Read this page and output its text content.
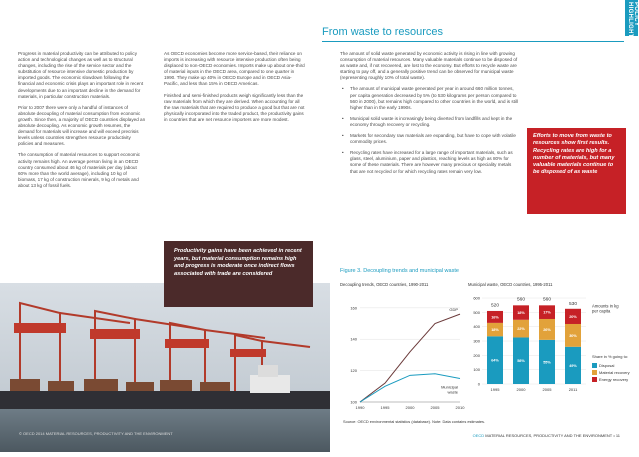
POLICY HIGHLIGHTS
From waste to resources

Progress in material productivity can be attributed to policy action and technological changes as well as to structural changes, including the rise of the service sector and the substitution of resource intensive domestic production by imported goods. The economic slowdown following the financial and economic crisis plays an important role in recent developments due to an important decline in the demand for materials, in particular construction materials.

Prior to 2007 there were only a handful of instances of absolute decoupling of material consumption from economic growth. Since then, a majority of OECD countries displayed an absolute decoupling. As economic growth resumes, the demand for materials will increase and will exceed precrisis levels unless countries strengthen resource productivity policies and measures.

The consumption of material resources to support economic activity remains high. An average person living in an OECD country consumed about 46 kg of materials per day (about 60% more than the world average), including 10 kg of biomass, 17 kg of construction minerals, 9 kg of metals and about 13 kg of fossil fuels.

As OECD economies become more service-based, their reliance on imports is increasing with resource intensive production often being displaced to non-OECD economies. Imports make up about one-third of material inputs in the OECD area, compared to one quarter in 1990. They make up 40% in OECD Europe and in OECD Asia-Pacific, and less than 15% in OECD Americas.

Finished and semi-finished products weigh significantly less than the raw materials from which they are derived. When accounting for all the raw materials that are required to produce a good but that are not physically incorporated into the traded product, the productivity gains in countries that are net resource importers are more modest.

The amount of solid waste generated by economic activity is rising in line with growing consumption of material resources. Many valuable materials continue to be disposed of as waste and, if not recovered, are lost to the economy. But efforts to recycle waste are starting to pay off, and a generally positive trend can be observed for municipal waste (representing roughly 10% of total waste).

• The amount of municipal waste generated per year in around 660 million tonnes, per capita generation decreased by 5% (to 530 kilograms per person compared to 560 in 2000), but remains high compared to other countries in the world, and is still higher than in the early 1990s.
• Municipal solid waste is increasingly being diverted from landfills and kept in the economy through recovery or recycling.
• Markets for secondary raw materials are expanding, but have to cope with volatile commodity prices.
• Recycling rates have increased for a large range of important materials, such as glass, steel, aluminium, paper and plastics, reaching levels as high as 80% for some of these materials. There are however many precious or speciality metals that are not recycled or for which recycling rates remain very low.
Efforts to move from waste to resources show first results. Recycling rates are high for a number of materials, but many valuable materials continue to be disposed of as waste
Productivity gains have been achieved in recent years, but material consumption remains high and progress is moderate once indirect flows associated with trade are considered	Figure 3. Decoupling trends and municipal waste
Decoupling trends, OECD countries, 1990-2011
100
120
140
160
1990	1995	2000	2005	2010
GDP
Municipal waste
Municipal waste, OECD countries, 1995-2011
0
100
200
300
400
500
600
64%
18%
16%
520
1995
58%
22%
18%
560
2000
55%
26%
17%
560
2005
49%
30%
20%
530
2011
Amounts in kg per capita
Share in % going to:
Disposal
Material recovery
Energy recovery
Source: OECD environmental statistics (database). Note: Data contains estimates.
© OECD 2014 MATERIAL RESOURCES, PRODUCTIVITY AND THE ENVIRONMENT	OECD MATERIAL RESOURCES, PRODUCTIVITY AND THE ENVIRONMENT • 11
